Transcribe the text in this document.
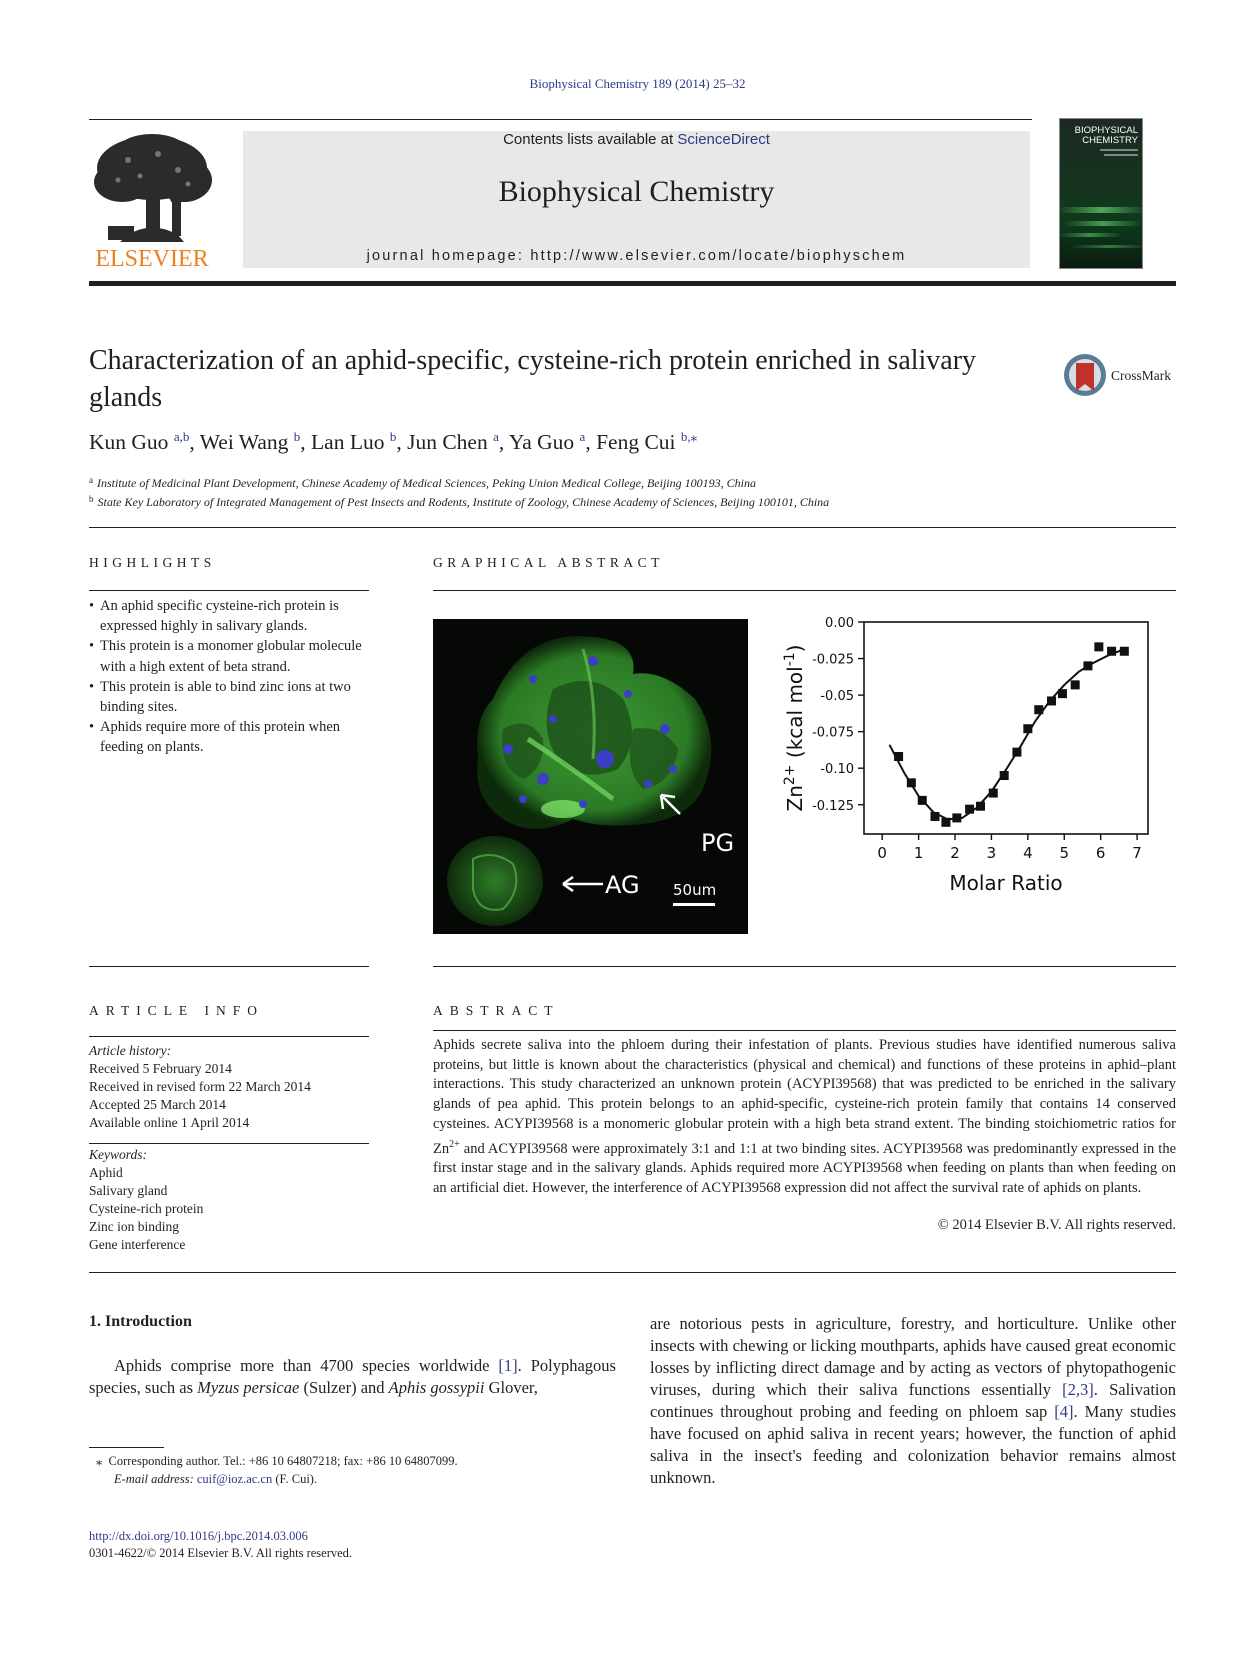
Biophysical Chemistry 189 (2014) 25–32
ELSEVIER
Contents lists available at ScienceDirect
Biophysical Chemistry
journal homepage: http://www.elsevier.com/locate/biophyschem
BIOPHYSICAL
CHEMISTRY
Characterization of an aphid-specific, cysteine-rich protein enriched in salivary glands
CrossMark
Kun Guo $^{a,b}$, Wei Wang $^b$, Lan Luo $^b$, Jun Chen $^a$, Ya Guo $^a$, Feng Cui $^{b,⁎}$
$^a$ Institute of Medicinal Plant Development, Chinese Academy of Medical Sciences, Peking Union Medical College, Beijing 100193, China
$^b$ State Key Laboratory of Integrated Management of Pest Insects and Rodents, Institute of Zoology, Chinese Academy of Sciences, Beijing 100101, China
HIGHLIGHTS
• An aphid specific cysteine-rich protein is expressed highly in salivary glands.
• This protein is a monomer globular molecule with a high extent of beta strand.
• This protein is able to bind zinc ions at two binding sites.
• Aphids require more of this protein when feeding on plants.
GRAPHICAL ABSTRACT
PG
AG 50um
0 1 2 3 4 5 6 7
0.00
-0.025
-0.05
-0.075
-0.10
-0.125
Molar Ratio
$Zn^{2+}$ (kcal mol$^{-1}$)
ARTICLE INFO
Article history:
Received 5 February 2014
Received in revised form 22 March 2014
Accepted 25 March 2014
Available online 1 April 2014
Keywords:
Aphid
Salivary gland
Cysteine-rich protein
Zinc ion binding
Gene interference
ABSTRACT
Aphids secrete saliva into the phloem during their infestation of plants. Previous studies have identified numerous saliva proteins, but little is known about the characteristics (physical and chemical) and functions of these proteins in aphid–plant interactions. This study characterized an unknown protein (ACYPI39568) that was predicted to be enriched in the salivary glands of pea aphid. This protein belongs to an aphid-specific, cysteine-rich protein family that contains 14 conserved cysteines. ACYPI39568 is a monomeric globular protein with a high beta strand extent. The binding stoichiometric ratios for $Zn^{2+}$ and ACYPI39568 were approximately 3:1 and 1:1 at two binding sites. ACYPI39568 was predominantly expressed in the first instar stage and in the salivary glands. Aphids required more ACYPI39568 when feeding on plants than when feeding on an artificial diet. However, the interference of ACYPI39568 expression did not affect the survival rate of aphids on plants.
© 2014 Elsevier B.V. All rights reserved.
1. Introduction
Aphids comprise more than 4700 species worldwide [1]. Polyphagous species, such as Myzus persicae (Sulzer) and Aphis gossypii Glover,
are notorious pests in agriculture, forestry, and horticulture. Unlike other insects with chewing or licking mouthparts, aphids have caused great economic losses by inflicting direct damage and by acting as vectors of phytopathogenic viruses, during which their saliva functions essentially [2,3]. Salivation continues throughout probing and feeding on phloem sap [4]. Many studies have focused on aphid saliva in recent years; however, the function of aphid saliva in the insect's feeding and colonization behavior remains almost unknown.
⁎ Corresponding author. Tel.: +86 10 64807218; fax: +86 10 64807099.
E-mail address: cuif@ioz.ac.cn (F. Cui).
http://dx.doi.org/10.1016/j.bpc.2014.03.006
0301-4622/© 2014 Elsevier B.V. All rights reserved.
